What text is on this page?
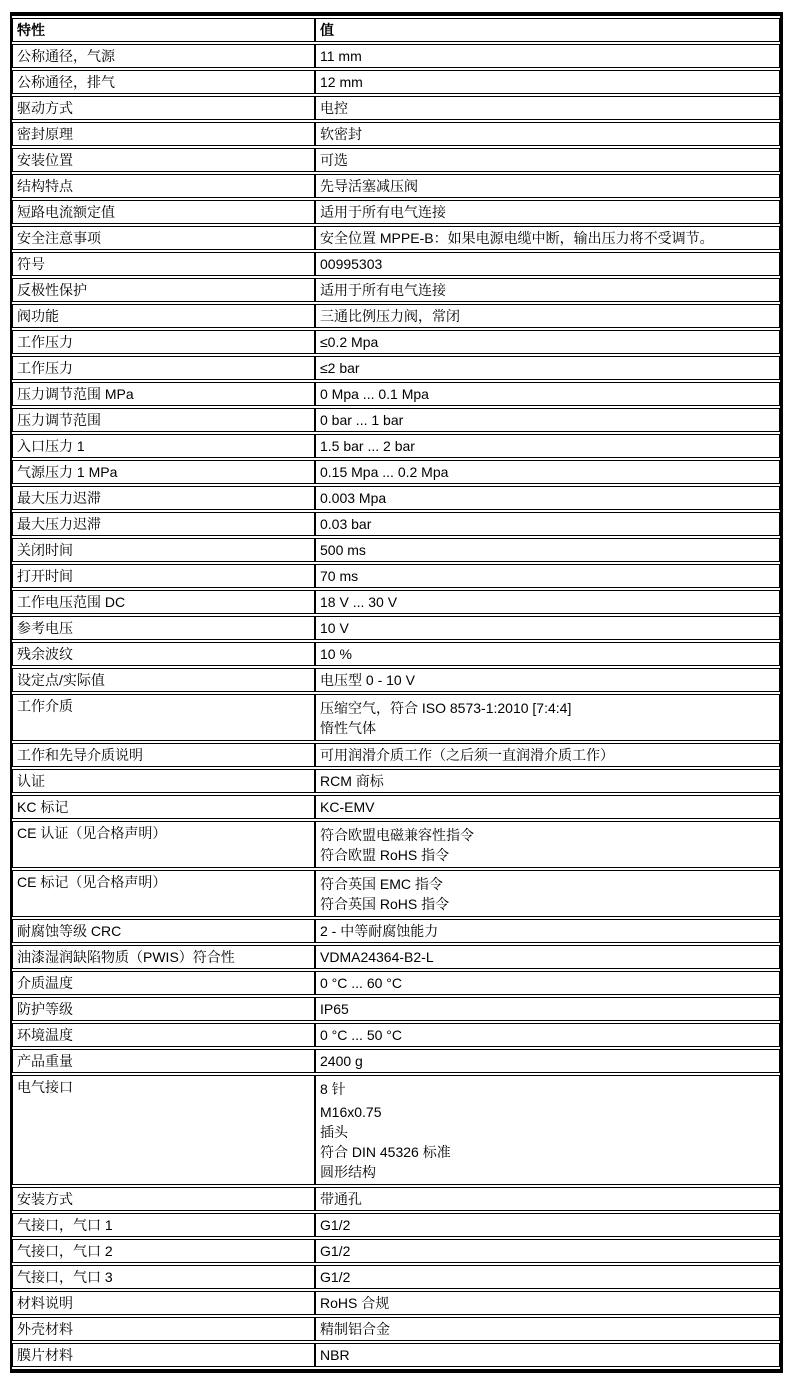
特性	值
公称通径，气源	11 mm
公称通径，排气	12 mm
驱动方式	电控
密封原理	软密封
安装位置	可选
结构特点	先导活塞减压阀
短路电流额定值	适用于所有电气连接
安全注意事项	安全位置 MPPE-B：如果电源电缆中断，输出压力将不受调节。
符号	00995303
反极性保护	适用于所有电气连接
阀功能	三通比例压力阀，常闭
工作压力	≤0.2 Mpa
工作压力	≤2 bar
压力调节范围 MPa	0 Mpa ... 0.1 Mpa
压力调节范围	0 bar ... 1 bar
入口压力 1	1.5 bar ... 2 bar
气源压力 1 MPa	0.15 Mpa ... 0.2 Mpa
最大压力迟滞	0.003 Mpa
最大压力迟滞	0.03 bar
关闭时间	500 ms
打开时间	70 ms
工作电压范围 DC	18 V ... 30 V
参考电压	10 V
残余波纹	10 %
设定点/实际值	电压型 0 - 10 V
工作介质	压缩空气，符合 ISO 8573-1:2010 [7:4:4]
惰性气体

工作和先导介质说明	可用润滑介质工作（之后须一直润滑介质工作）
认证	RCM 商标
KC 标记	KC-EMV
CE 认证（见合格声明）	符合欧盟电磁兼容性指令
符合欧盟 RoHS 指令

CE 标记（见合格声明）	符合英国 EMC 指令
符合英国 RoHS 指令

耐腐蚀等级 CRC	2 - 中等耐腐蚀能力
油漆湿润缺陷物质（PWIS）符合性	VDMA24364-B2-L
介质温度	0 °C ... 60 °C
防护等级	IP65
环境温度	0 °C ... 50 °C
产品重量	2400 g
电气接口	8 针
M16x0.75
插头
符合 DIN 45326 标准
圆形结构

安装方式	带通孔
气接口，气口 1	G1/2
气接口，气口 2	G1/2
气接口，气口 3	G1/2
材料说明	RoHS 合规
外壳材料	精制铝合金
膜片材料	NBR
